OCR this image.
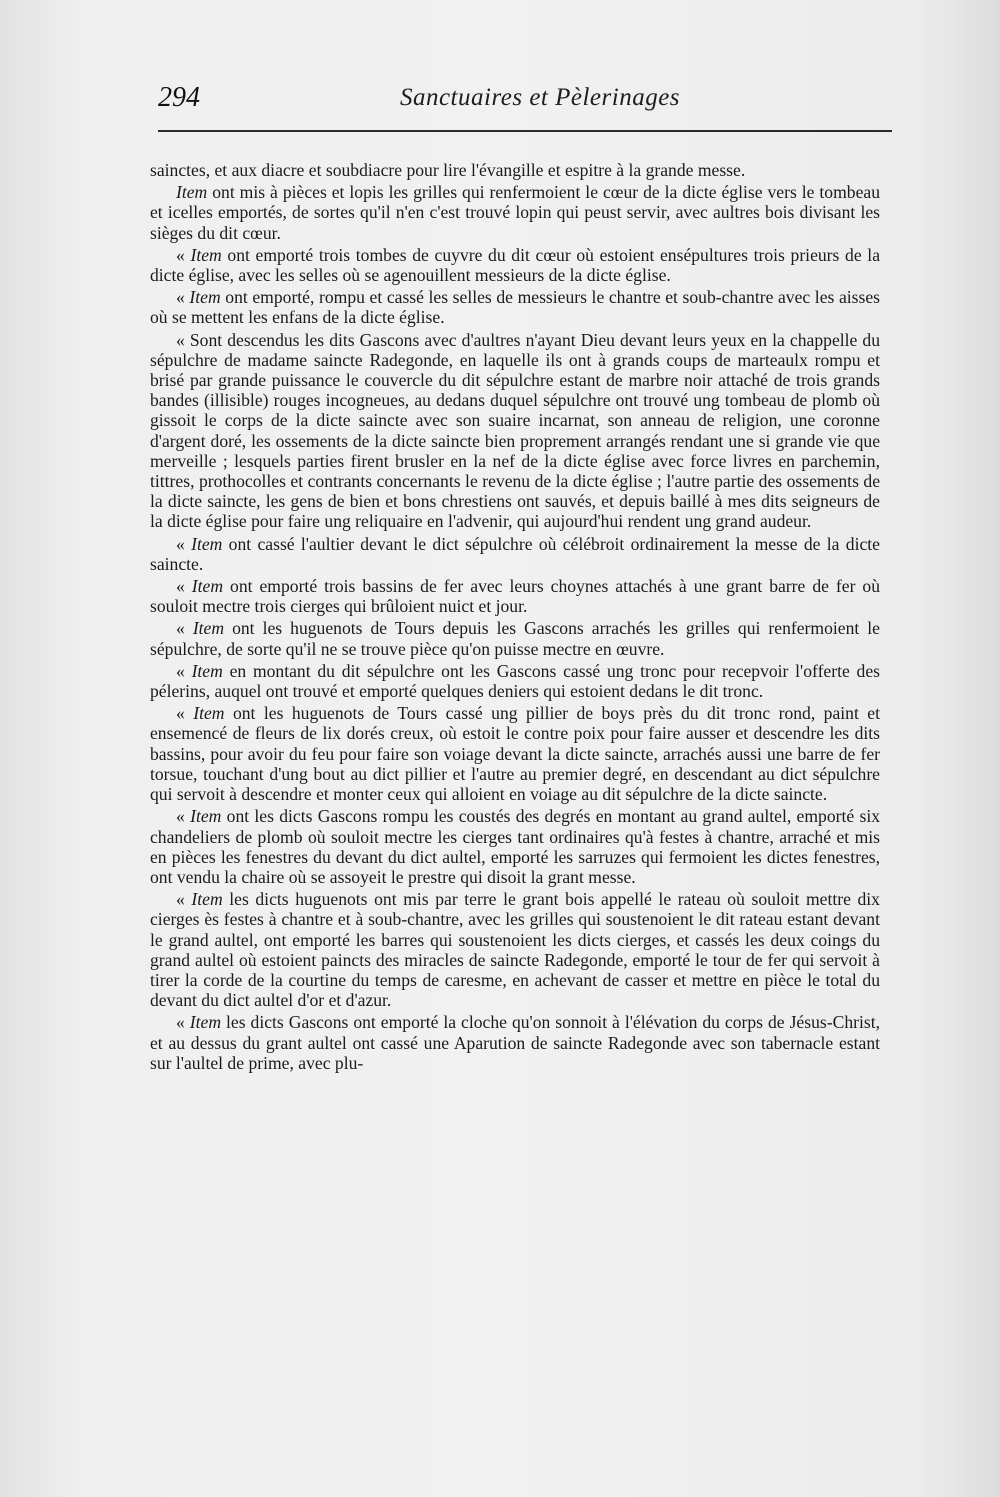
294	Sanctuaires et Pèlerinages

sainctes, et aux diacre et soubdiacre pour lire l'évangille et espitre à la grande messe.

Item ont mis à pièces et lopis les grilles qui renfermoient le cœur de la dicte église vers le tombeau et icelles emportés, de sortes qu'il n'en c'est trouvé lopin qui peust servir, avec aultres bois divisant les sièges du dit cœur.

« Item ont emporté trois tombes de cuyvre du dit cœur où estoient ensépultures trois prieurs de la dicte église, avec les selles où se agenouillent messieurs de la dicte église.

« Item ont emporté, rompu et cassé les selles de messieurs le chantre et soub-chantre avec les aisses où se mettent les enfans de la dicte église.

« Sont descendus les dits Gascons avec d'aultres n'ayant Dieu devant leurs yeux en la chappelle du sépulchre de madame saincte Radegonde, en laquelle ils ont à grands coups de marteaulx rompu et brisé par grande puissance le couvercle du dit sépulchre estant de marbre noir attaché de trois grands bandes (illisible) rouges incogneues, au dedans duquel sépulchre ont trouvé ung tombeau de plomb où gissoit le corps de la dicte saincte avec son suaire incarnat, son anneau de religion, une coronne d'argent doré, les ossements de la dicte saincte bien proprement arrangés rendant une si grande vie que merveille ; lesquels parties firent brusler en la nef de la dicte église avec force livres en parchemin, tittres, prothocolles et contrants concernants le revenu de la dicte église ; l'autre partie des ossements de la dicte saincte, les gens de bien et bons chrestiens ont sauvés, et depuis baillé à mes dits seigneurs de la dicte église pour faire ung reliquaire en l'advenir, qui aujourd'hui rendent ung grand audeur.

« Item ont cassé l'aultier devant le dict sépulchre où célébroit ordinairement la messe de la dicte saincte.

« Item ont emporté trois bassins de fer avec leurs choynes attachés à une grant barre de fer où souloit mectre trois cierges qui brûloient nuict et jour.

« Item ont les huguenots de Tours depuis les Gascons arrachés les grilles qui renfermoient le sépulchre, de sorte qu'il ne se trouve pièce qu'on puisse mectre en œuvre.

« Item en montant du dit sépulchre ont les Gascons cassé ung tronc pour recepvoir l'offerte des pélerins, auquel ont trouvé et emporté quelques deniers qui estoient dedans le dit tronc.

« Item ont les huguenots de Tours cassé ung pillier de boys près du dit tronc rond, paint et ensemencé de fleurs de lix dorés creux, où estoit le contre poix pour faire ausser et descendre les dits bassins, pour avoir du feu pour faire son voiage devant la dicte saincte, arrachés aussi une barre de fer torsue, touchant d'ung bout au dict pillier et l'autre au premier degré, en descendant au dict sépulchre qui servoit à descendre et monter ceux qui alloient en voiage au dit sépulchre de la dicte saincte.

« Item ont les dicts Gascons rompu les coustés des degrés en montant au grand aultel, emporté six chandeliers de plomb où souloit mectre les cierges tant ordinaires qu'à festes à chantre, arraché et mis en pièces les fenestres du devant du dict aultel, emporté les sarruzes qui fermoient les dictes fenestres, ont vendu la chaire où se assoyeit le prestre qui disoit la grant messe.

« Item les dicts huguenots ont mis par terre le grant bois appellé le rateau où souloit mettre dix cierges ès festes à chantre et à soub-chantre, avec les grilles qui soustenoient le dit rateau estant devant le grand aultel, ont emporté les barres qui soustenoient les dicts cierges, et cassés les deux coings du grand aultel où estoient paincts des miracles de saincte Radegonde, emporté le tour de fer qui servoit à tirer la corde de la courtine du temps de caresme, en achevant de casser et mettre en pièce le total du devant du dict aultel d'or et d'azur.

« Item les dicts Gascons ont emporté la cloche qu'on sonnoit à l'élévation du corps de Jésus-Christ, et au dessus du grant aultel ont cassé une Aparution de saincte Radegonde avec son tabernacle estant sur l'aultel de prime, avec plu-
